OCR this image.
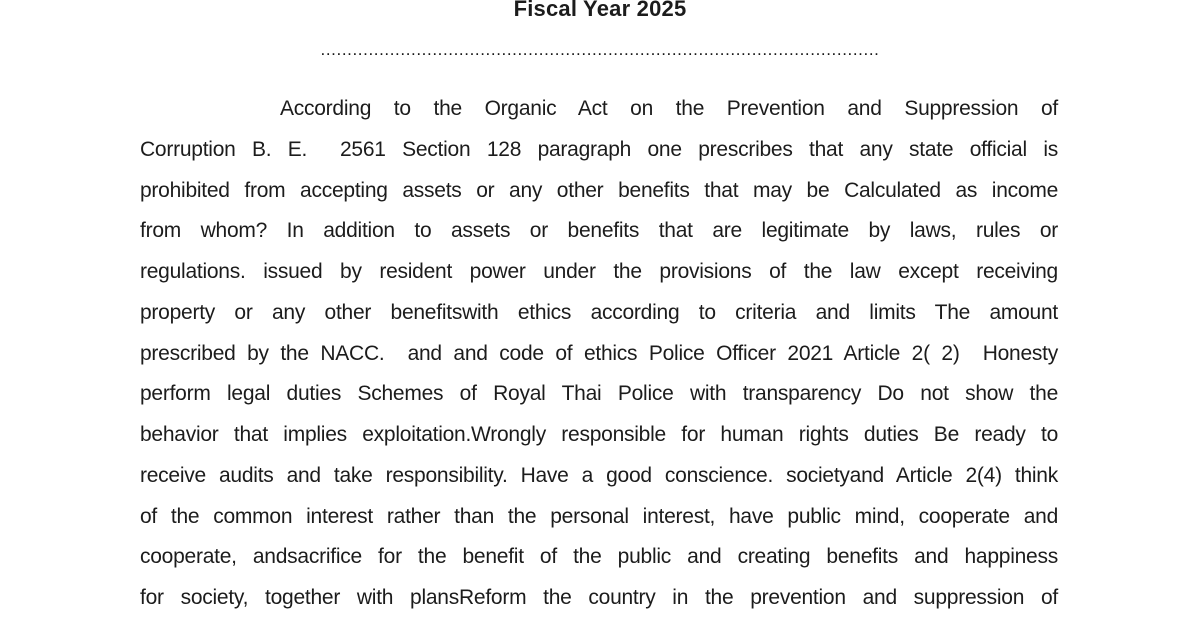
Fiscal Year 2025
.........................................................................................................
According to the Organic Act on the Prevention and Suppression of
Corruption B. E.  2561 Section 128 paragraph one prescribes that any state official is
prohibited from accepting assets or any other benefits that may be Calculated as income
from whom? In addition to assets or benefits that are legitimate by laws, rules or
regulations. issued by resident power under the provisions of the law except receiving
property or any other benefitswith ethics according to criteria and limits The amount
prescribed by the NACC.  and and code of ethics Police Officer 2021 Article 2( 2)  Honesty
perform legal duties Schemes of Royal Thai Police with transparency Do not show the
behavior that implies exploitation.Wrongly responsible for human rights duties Be ready to
receive audits and take responsibility. Have a good conscience. societyand Article 2(4) think
of the common interest rather than the personal interest, have public mind, cooperate and
cooperate, andsacrifice for the benefit of the public and creating benefits and happiness
for society, together with plansReform the country in the prevention and suppression of
